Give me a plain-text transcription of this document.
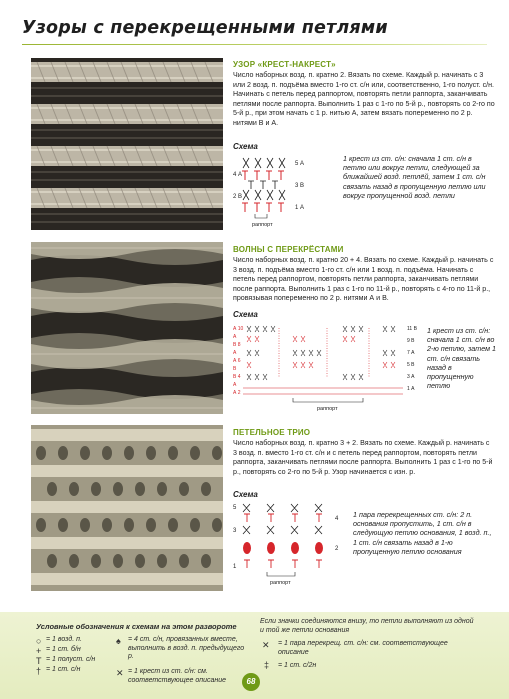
Узоры с перекрещенными петлями
УЗОР «КРЕСТ-НАКРЕСТ»

Число наборных возд. п. кратно 2. Вязать по схеме. Каждый р. начинать с 3 или 2 возд. п. подъёма вместо 1-го ст. с/н или, соответственно, 1-го полуст. с/н. Начинать с петель перед раппортом, повторять петли раппорта, заканчивать петлями после раппорта. Выполнить 1 раз с 1-го по 5-й р., повторять со 2-го по 5-й р., при этом начать с 1 р. нитью А, затем вязать попеременно по 2 р. нитями В и А.

Схема
4 А
2 В
5 А
3 В
1 А
раппорт
1 крест из ст. с/н: сначала 1 ст. с/н в петлю или вокруг петли, следующей за ближайшей возд. петлёй, затем 1 ст. с/н связать назад в пропущенную петлю или вокруг пропущенной возд. петли
ВОЛНЫ С ПЕРЕКРЁСТАМИ

Число наборных возд. п. кратно 20 + 4. Вязать по схеме. Каждый р. начинать с 3 возд. п. подъёма вместо 1-го ст. с/н или 1 возд. п. подъёма. Начинать с петель перед раппортом, повторять петли раппорта, заканчивать петлями после раппорта. Выполнить 1 раз с 1-го по 11-й р., повторять с 4-го по 11-й р., провязывая попеременно по 2 р. нитями А и В.

Схема
А 10
А
В 8
А
А 6
В
В 4
А
А 2
11 В
9 В
7 А
5 В
3 А
1 А
раппорт
1 крест из ст. с/н: сначала 1 ст. с/н во 2-ю петлю, затем 1 ст. с/н связать назад в пропущенную петлю
ПЕТЕЛЬНОЕ ТРИО

Число наборных возд. п. кратно 3 + 2. Вязать по схеме. Каждый р. начинать с 3 возд. п. вместо 1-го ст. с/н и с петель перед раппортом, повторять петли раппорта, заканчивать петлями после раппорта. Выполнить 1 раз с 1-го по 5-й р., повторять со 2-го по 5-й р. Узор начинается с изн. р.

Схема
5
4
3
2
1
раппорт
1 пара перекрещенных ст. с/н: 2 п. основания пропустить, 1 ст. с/н в следующую петлю основания, 1 возд. п., 1 ст. с/н связать назад в 1-ю пропущенную петлю основания
Условные обозначения к схемам на этом развороте
○ = 1 возд. п.
+ = 1 ст. б/н
Т = 1 полуст. с/н
† = 1 ст. с/н
♠ = 4 ст. с/н, провязанных вместе, выполнить в возд. п. предыдущего р.
✕ = 1 крест из ст. с/н: см. соответствующее описание
Если значки соединяются внизу, то петли выполняют из одной и той же петли основания
✕ = 1 пара перекрещ. ст. с/н: см. соответствующее описание
‡ = 1 ст. с/2н
68
